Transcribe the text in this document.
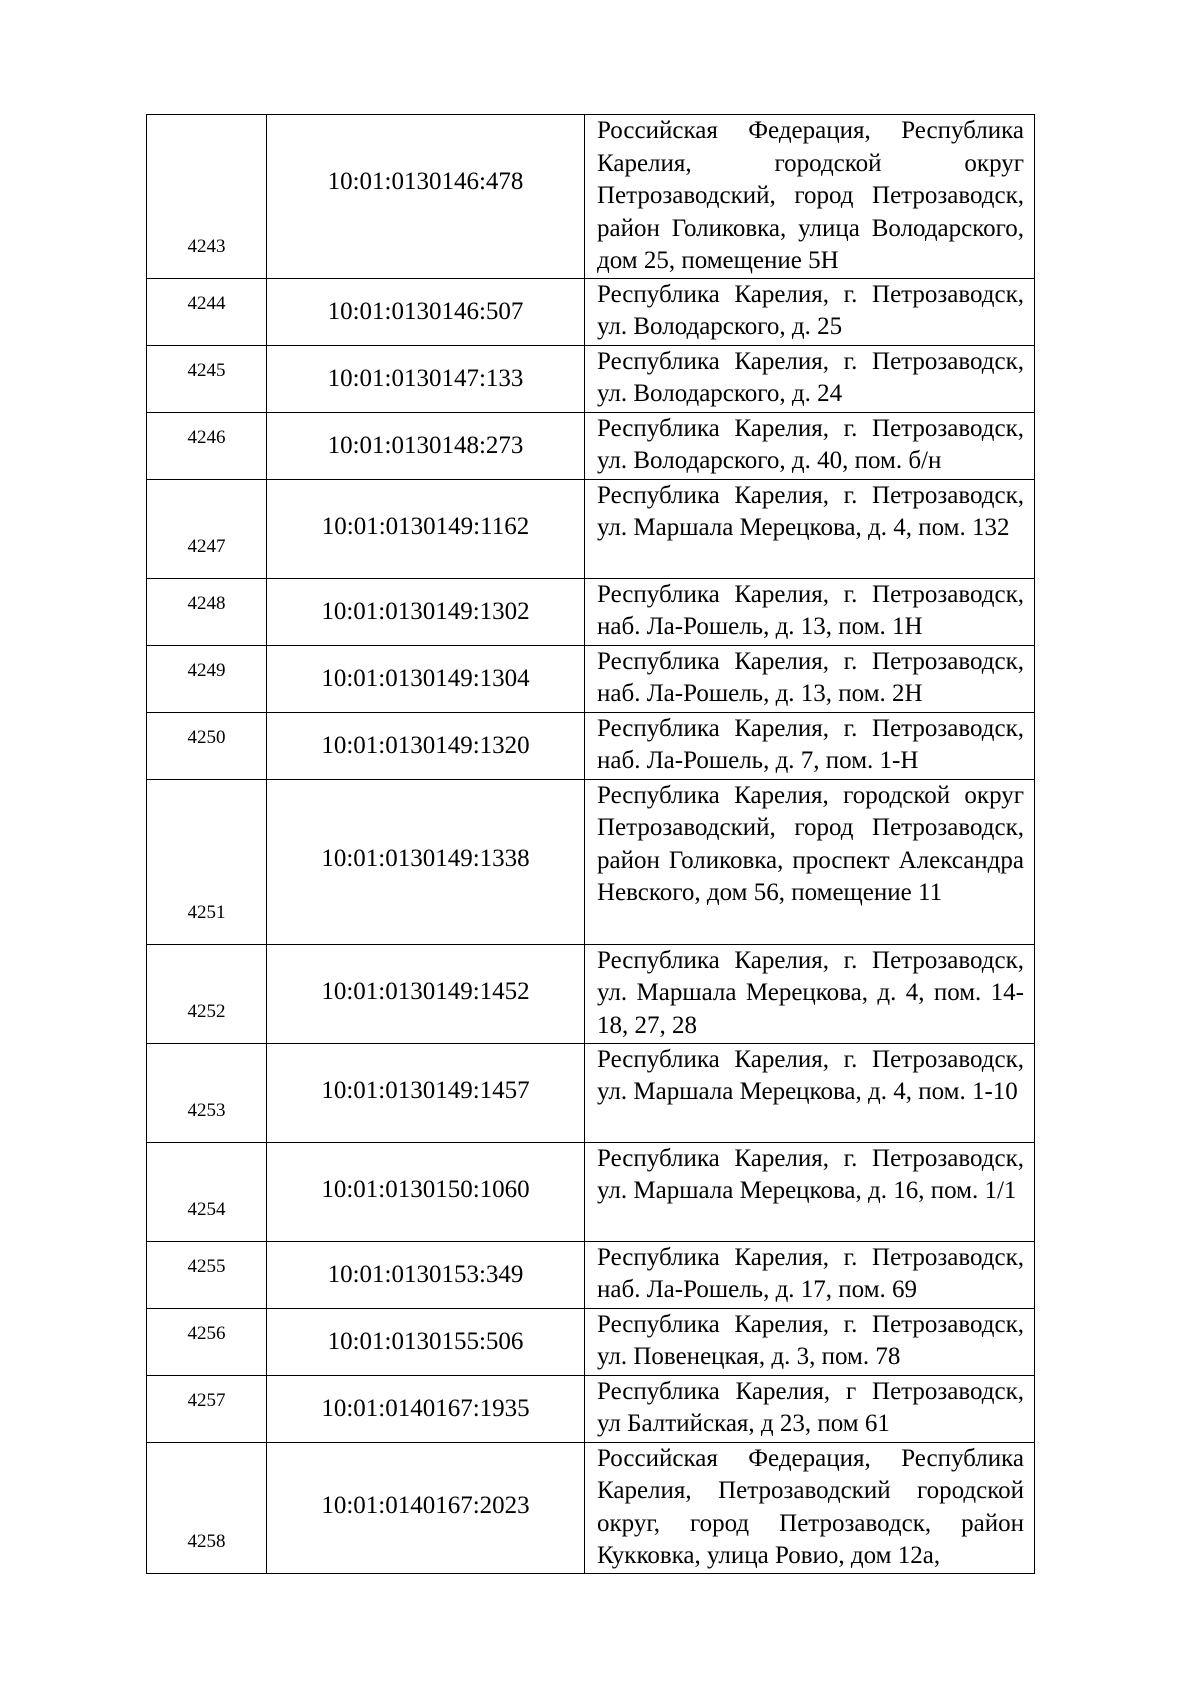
4243	10:01:0130146:478	Российская Федерация, Республика Карелия, городской округ Петрозаводский, город Петрозаводск, район Голиковка, улица Володарского, дом 25, помещение 5Н
4244	10:01:0130146:507	Республика Карелия, г. Петрозаводск, ул. Володарского, д. 25
4245	10:01:0130147:133	Республика Карелия, г. Петрозаводск, ул. Володарского, д. 24
4246	10:01:0130148:273	Республика Карелия, г. Петрозаводск, ул. Володарского, д. 40, пом. б/н
4247	10:01:0130149:1162	Республика Карелия, г. Петрозаводск, ул. Маршала Мерецкова, д. 4, пом. 132
4248	10:01:0130149:1302	Республика Карелия, г. Петрозаводск, наб. Ла-Рошель, д. 13, пом. 1Н
4249	10:01:0130149:1304	Республика Карелия, г. Петрозаводск, наб. Ла-Рошель, д. 13, пом. 2Н
4250	10:01:0130149:1320	Республика Карелия, г. Петрозаводск, наб. Ла-Рошель, д. 7, пом. 1-Н
4251	10:01:0130149:1338	Республика Карелия, городской округ Петрозаводский, город Петрозаводск, район Голиковка, проспект Александра Невского, дом 56, помещение 11
4252	10:01:0130149:1452	Республика Карелия, г. Петрозаводск, ул. Маршала Мерецкова, д. 4, пом. 14-18, 27, 28
4253	10:01:0130149:1457	Республика Карелия, г. Петрозаводск, ул. Маршала Мерецкова, д. 4, пом. 1-10
4254	10:01:0130150:1060	Республика Карелия, г. Петрозаводск, ул. Маршала Мерецкова, д. 16, пом. 1/1
4255	10:01:0130153:349	Республика Карелия, г. Петрозаводск, наб. Ла-Рошель, д. 17, пом. 69
4256	10:01:0130155:506	Республика Карелия, г. Петрозаводск, ул. Повенецкая, д. 3, пом. 78
4257	10:01:0140167:1935	Республика Карелия, г Петрозаводск, ул Балтийская, д 23, пом 61
4258	10:01:0140167:2023	Российская Федерация, Республика Карелия, Петрозаводский городской округ, город Петрозаводск, район Кукковка, улица Ровио, дом 12а,
